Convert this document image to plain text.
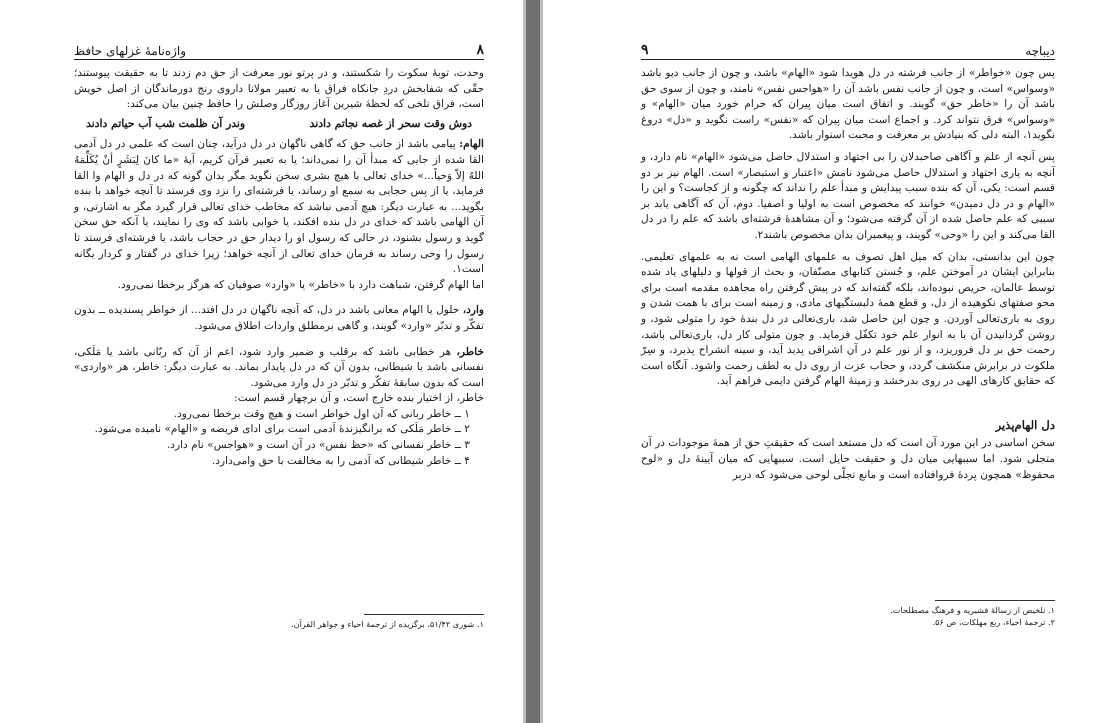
۸
واژه‌نامهٔ غزلهای حافظ

وحدت، توبهٔ سکوت را شکستند، و در پرتو نور معرفت از حق دم زدند تا به حقیقت پیوستند؛ حقّی که شفابخش دردِ جانکاه فراق یا به تعبیر مولانا داروی رنج دورماندگان از اصل خویش است، فراق تلخی که لحظهٔ شیرین آغاز روزگار وصلش را حافظ چنین بیان می‌کند:

دوش وقت سحر از غصه نجاتم دادند
وندر آن ظلمت شب آب حیاتم دادند

الهام: پیامی باشد از جانب حق که گاهی ناگهان در دل درآید، چنان است که علمی در دل آدمی القا شده از جایی که مبدأ آن را نمی‌داند؛ یا به تعبیر قرآن کریم، آیهٔ «ما کانَ لِبَشَرٍ أنْ یُکَلِّمَهُ اللهُ إلاّ وَحیاً...» خدای تعالی با هیچ بشری سخن نگوید مگر بدان گونه که در دل و الهام وا القا فرماید، یا از پس حجابی به سمع او رساند، یا فرشته‌ای را نزد وی فرستد تا آنچه خواهد با بنده بگوید... به عبارت دیگر: هیچ آدمی نباشد که مخاطب خدای تعالی قرار گیرد مگر به اشارتی، و آن الهامی باشد که خدای در دل بنده افکند، یا خوابی باشد که وی را نمایند، یا آنکه حق سخن گوید و رسول بشنود، در حالی که رسول او را دیدار حق در حجاب باشد، یا فرشته‌ای فرستد تا رسول را وحی رساند به فرمان خدای تعالی از آنچه خواهد؛ زیرا خدای در گفتار و کردار یگانه است۱.

اما الهام گرفتن، شباهت دارد با «خاطر» یا «وارد» صوفیان که هرگز برخطا نمی‌رود.

وارد، حلول یا الهام معانی باشد در دل، که آنچه ناگهان در دل افتد... از خواطر پسندیده ــ بدون تفکّر و تدبّر «وارد» گویند، و گاهی برمطلق واردات اطلاق می‌شود.

خاطر، هر خطابی باشد که برقلب و ضمیر وارد شود، اعم از آن که ربّانی باشد یا مَلَکی، نفسانی باشد یا شیطانی، بدون آن که در دل پایدار بماند. به عبارت دیگر: خاطر، هر «واردی» است که بدون سابقهٔ تفکّر و تدبّر در دل وارد می‌شود.

خاطر، از اختیار بنده خارج است، و آن برچهار قسم است:

۱ ــ خاطر ربانی که آن اول خواطر است و هیچ وقت برخطا نمی‌رود.

۲ ــ خاطر مَلَکی که برانگیزندهٔ آدمی است برای ادای فریضه و «الهام» نامیده می‌شود.

۳ ــ خاطر نفسانی که «حظ نفس» در آن است و «هواجس» نام دارد.

۴ ــ خاطر شیطانی که آدمی را به مخالفت با حق وامی‌دارد.

۱. شوری ۵۱/۴۲، برگزیده از ترجمهٔ احیاء و جواهر القرآن.
دیباچه
۹

پس چون «خواطر» از جانب فرشته در دل هویدا شود «الهام» باشد، و چون از جانب دیو باشد «وسواس» است، و چون از جانب نفس باشد آن را «هواجس نفس» نامند، و چون از سوی حق باشد آن را «خاطر حق» گویند. و اتفاق است میان پیران که حرام خورد میان «الهام» و «وسواس» فرق نتواند کرد. و اجماع است میان پیران که «نفس» راست نگوید و «دل» دروغ نگوید۱، البته دلی که بنیادش بر معرفت و محبت استوار باشد.

پس آنچه از علم و آگاهی صاحبدلان را بی اجتهاد و استدلال حاصل می‌شود «الهام» نام دارد، و آنچه به یاری اجتهاد و استدلال حاصل می‌شود نامش «اعتبار و استبصار» است. الهام نیز بر دو قسم است: یکی، آن که بنده سبب پیدایش و مبدأ علم را نداند که چگونه و از کجاست؟ و این را «الهام و در دل دمیدن» خوانند که مخصوص است به اولیا و اصفیا. دوم، آن که آگاهی یابد بر سببی که علم حاصل شده از آن گرفته می‌شود؛ و آن مشاهدهٔ فرشته‌ای باشد که علم را در دل القا می‌کند و این را «وحی» گویند، و پیغمبران بدان مخصوص باشند۲.

چون این بدانستی، بدان که میل اهل تصوف به علمهای الهامی است نه به علمهای تعلیمی. بنابراین ایشان در آموختن علم، و جُستن کتابهای مصنّفان، و بحث از قولها و دلیلهای یاد شده توسط عالمان، حریص نبوده‌اند، بلکه گفته‌اند که در پیش گرفتن راه مجاهده مقدمه است برای محو صفتهای نکوهیده از دل، و قطع همهٔ دلبستگیهای مادی، و زمینه است برای با همت شدن و روی به باری‌تعالی آوردن. و چون این حاصل شد، باری‌تعالی در دل بندهٔ خود را متولی شود، و روشن گردانیدن آن با به انوار علم خود تکفّل فرماید. و چون متولی کار دل، باری‌تعالی باشد، رحمت حق بر دل فروریزد، و از نور علم در آن اشراقی پدید آید، و سینه انشراح پذیرد، و سِرّ ملکوت در برابرش منکشف گردد، و حجاب عزت از روی دل به لطف رحمت واشود. آنگاه است که حقایق کارهای الهی در روی بدرخشد و زمینهٔ الهام گرفتن دایمی فراهم آید.

دل الهام‌پذیر

سخن اساسی در این مورد آن است که دل مستعد است که حقیقتِ حق از همهٔ موجودات در آن متجلی شود. اما سببهایی میان دل و حقیقت حایل است. سببهایی که میان آیینهٔ دل و «لوح محفوظ» همچون پردهٔ فروافتاده است و مانع تجلّی لوحی می‌شود که دربر

۱. تلخیص از رسالهٔ قشیریه و فرهنگ مصطلحات.
۲. ترجمهٔ احیاء، ربع مهلکات، ص ۵۶.
